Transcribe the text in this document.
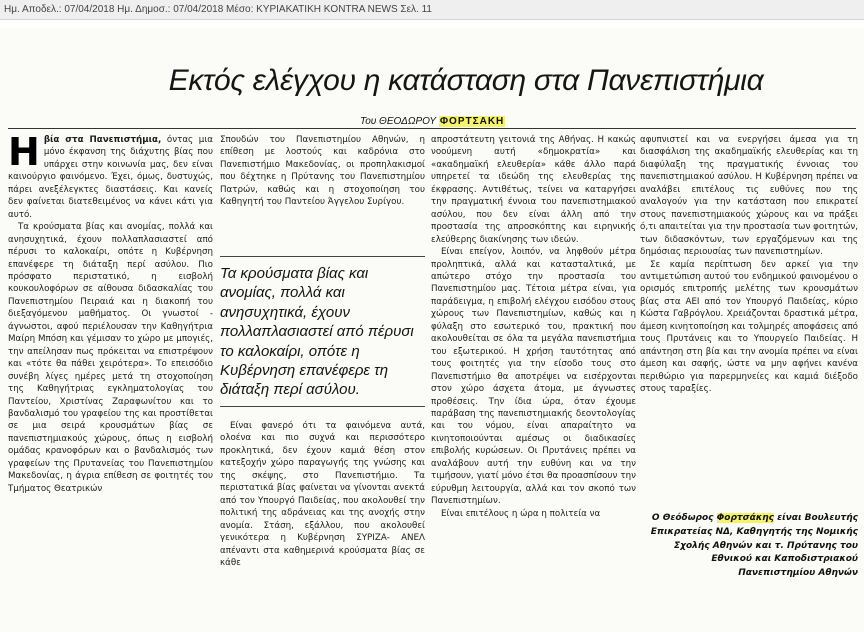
Ημ. Αποδελ.: 07/04/2018 Ημ. Δημοσ.: 07/04/2018 Μέσο: ΚΥΡΙΑΚΑΤΙΚΗ KONTRA NEWS Σελ. 11
Εκτός ελέγχου η κατάσταση στα Πανεπιστήμια
Του ΘΕΟΔΩΡΟΥ ΦΟΡΤΣΑΚΗ

Ηβία στα Πανεπιστήμια, όντας μια μόνο έκφανση της διάχυτης βίας που υπάρχει στην κοινωνία μας, δεν είναι καινούργιο φαινόμενο. Έχει, όμως, δυστυχώς, πάρει ανεξέλεγκτες διαστάσεις. Και κανείς δεν φαίνεται διατεθειμένος να κάνει κάτι για αυτό.

Τα κρούσματα βίας και ανομίας, πολλά και ανησυχητικά, έχουν πολλαπλασιαστεί από πέρυσι το καλοκαίρι, οπότε η Κυβέρνηση επανέφερε τη διάταξη περί ασύλου. Πιο πρόσφατο περιστατικό, η εισβολή κουκουλοφόρων σε αίθουσα διδασκαλίας του Πανεπιστημίου Πειραιά και η διακοπή του διεξαγόμενου μαθήματος. Οι γνωστοί - άγνωστοι, αφού περιέλουσαν την Καθηγήτρια Μαίρη Μπόση και γέμισαν το χώρο με μπογιές, την απείλησαν πως πρόκειται να επιστρέψουν και «τότε θα πάθει χειρότερα». Το επεισόδιο συνέβη λίγες ημέρες μετά τη στοχοποίηση της Καθηγήτριας εγκληματολογίας του Παντείου, Χριστίνας Ζαραφωνίτου και το βανδαλισμό του γραφείου της και προστίθεται σε μια σειρά κρουσμάτων βίας σε πανεπιστημιακούς χώρους, όπως η εισβολή ομάδας κρανοφόρων και ο βανδαλισμός των γραφείων της Πρυτανείας του Πανεπιστημίου Μακεδονίας, η άγρια επίθεση σε φοιτητές του Τμήματος Θεατρικών

Σπουδών του Πανεπιστημίου Αθηνών, η επίθεση με λοστούς και καδρόνια στο Πανεπιστήμιο Μακεδονίας, οι προπηλακισμοί που δέχτηκε η Πρύτανης του Πανεπιστημίου Πατρών, καθώς και η στοχοποίηση του Καθηγητή του Παντείου Άγγελου Συρίγου.

Τα κρούσματα βίας και ανομίας, πολλά και ανησυχητικά, έχουν πολλαπλασιαστεί από πέρυσι το καλοκαίρι, οπότε η Κυβέρνηση επανέφερε τη διάταξη περί ασύλου.

Είναι φανερό ότι τα φαινόμενα αυτά, ολοένα και πιο συχνά και περισσότερο προκλητικά, δεν έχουν καμιά θέση στον κατεξοχήν χώρο παραγωγής της γνώσης και της σκέψης, στο Πανεπιστήμιο. Τα περιστατικά βίας φαίνεται να γίνονται ανεκτά από τον Υπουργό Παιδείας, που ακολουθεί την πολιτική της αδράνειας και της ανοχής στην ανομία. Στάση, εξάλλου, που ακολουθεί γενικότερα η Κυβέρνηση ΣΥΡΙΖΑ- ΑΝΕΛ απέναντι στα καθημερινά κρούσματα βίας σε κάθε

απροστάτευτη γειτονιά της Αθήνας. Η κακώς νοούμενη αυτή «δημοκρατία» και «ακαδημαϊκή ελευθερία» κάθε άλλο παρά υπηρετεί τα ιδεώδη της ελευθερίας της έκφρασης. Αντιθέτως, τείνει να καταργήσει την πραγματική έννοια του πανεπιστημιακού ασύλου, που δεν είναι άλλη από την προστασία της απροσκόπτης και ειρηνικής ελεύθερης διακίνησης των ιδεών.

Είναι επείγον, λοιπόν, να ληφθούν μέτρα προληπτικά, αλλά και κατασταλτικά, με απώτερο στόχο την προστασία του Πανεπιστημίου μας. Τέτοια μέτρα είναι, για παράδειγμα, η επιβολή ελέγχου εισόδου στους χώρους των Πανεπιστημίων, καθώς και η φύλαξη στο εσωτερικό του, πρακτική που ακολουθείται σε όλα τα μεγάλα πανεπιστήμια του εξωτερικού. Η χρήση ταυτότητας από τους φοιτητές για την είσοδο τους στο Πανεπιστήμιο θα αποτρέψει να εισέρχονται στον χώρο άσχετα άτομα, με άγνωστες προθέσεις. Την ίδια ώρα, όταν έχουμε παράβαση της πανεπιστημιακής δεοντολογίας και του νόμου, είναι απαραίτητο να κινητοποιούνται αμέσως οι διαδικασίες επιβολής κυρώσεων. Οι Πρυτάνεις πρέπει να αναλάβουν αυτή την ευθύνη και να την τιμήσουν, γιατί μόνο έτσι θα προασπίσουν την εύρυθμη λειτουργία, αλλά και τον σκοπό των Πανεπιστημίων.

Είναι επιτέλους η ώρα η πολιτεία να

αφυπνιστεί και να ενεργήσει άμεσα για τη διασφάλιση της ακαδημαϊκής ελευθερίας και τη διαφύλαξη της πραγματικής έννοιας του πανεπιστημιακού ασύλου. Η Κυβέρνηση πρέπει να αναλάβει επιτέλους τις ευθύνες που της αναλογούν για την κατάσταση που επικρατεί στους πανεπιστημιακούς χώρους και να πράξει ό,τι απαιτείται για την προστασία των φοιτητών, των διδασκόντων, των εργαζόμενων και της δημόσιας περιουσίας των πανεπιστημίων.

Σε καμία περίπτωση δεν αρκεί για την αντιμετώπιση αυτού του ενδημικού φαινομένου ο ορισμός επιτροπής μελέτης των κρουσμάτων βίας στα ΑΕΙ από τον Υπουργό Παιδείας, κύριο Κώστα Γαβρόγλου. Χρειάζονται δραστικά μέτρα, άμεση κινητοποίηση και τολμηρές αποφάσεις από τους Πρυτάνεις και το Υπουργείο Παιδείας. Η απάντηση στη βία και την ανομία πρέπει να είναι άμεση και σαφής, ώστε να μην αφήνει κανένα περιθώριο για παρερμηνείες και καμιά διέξοδο στους ταραξίες.

Ο Θεόδωρος Φορτσάκης είναι Βουλευτής Επικρατείας ΝΔ, Καθηγητής της Νομικής Σχολής Αθηνών και τ. Πρύτανης του Εθνικού και Καποδιστριακού Πανεπιστημίου Αθηνών
